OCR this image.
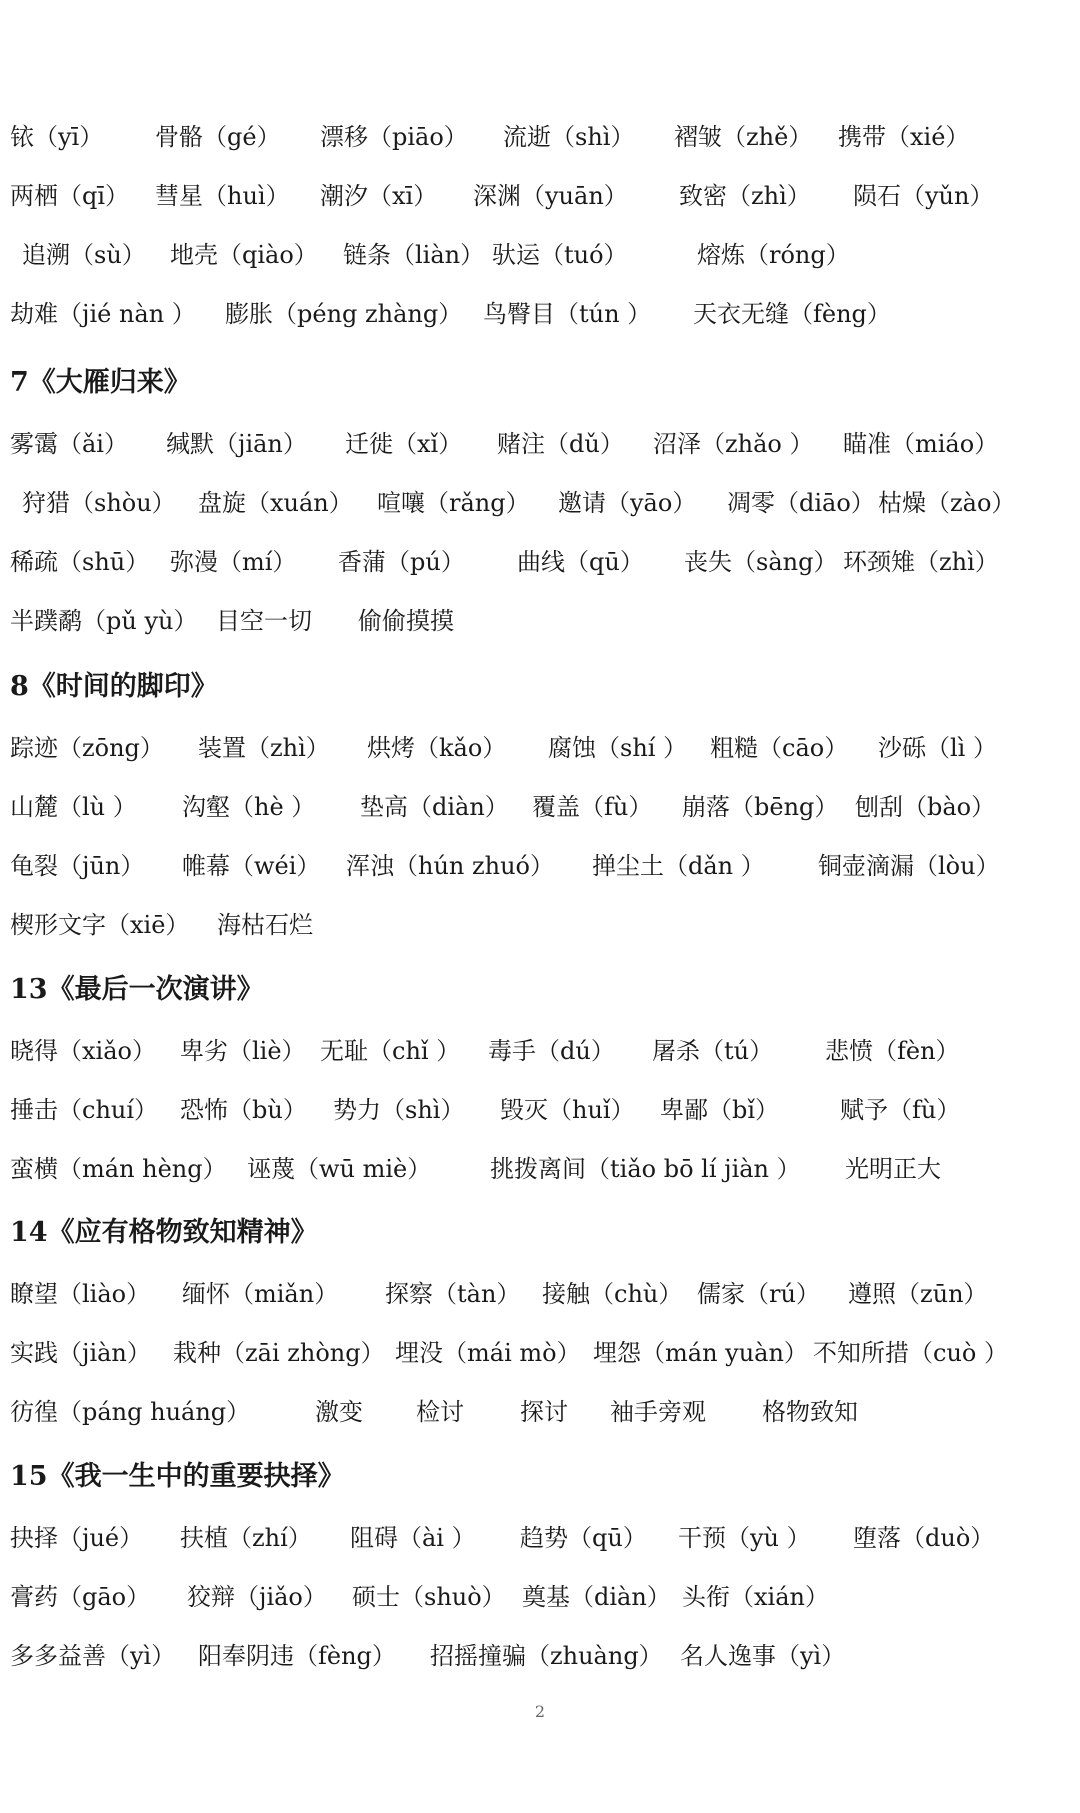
铱（yī） 骨骼（gé） 漂移（piāo） 流逝（shì） 褶皱（zhě） 携带（xié）
两栖（qī） 彗星（huì） 潮汐（xī） 深渊（yuān） 致密（zhì） 陨石（yǔn）
追溯（sù） 地壳（qiào） 链条（liàn） 驮运（tuó）	熔炼（róng）
劫难（jié nàn ） 膨胀（péng zhàng） 鸟臀目（tún ） 天衣无缝（fèng）
7《大雁归来》
雾霭（ǎi） 缄默（jiān） 迁徙（xǐ） 赌注（dǔ） 沼泽（zhǎo ） 瞄准（miáo）
狩猎（shòu） 盘旋（xuán） 喧嚷（rǎng） 邀请（yāo） 凋零（diāo） 枯燥（zào）
稀疏（shū） 弥漫（mí） 香蒲（pú） 曲线（qū） 丧失（sàng） 环颈雉（zhì）
半蹼鹬（pǔ yù） 目空一切 偷偷摸摸
8《时间的脚印》
踪迹（zōng） 装置（zhì） 烘烤（kǎo） 腐蚀（shí ） 粗糙（cāo） 沙砾（lì ）
山麓（lù ） 沟壑（hè ） 垫高（diàn） 覆盖（fù） 崩落（bēng） 刨刮（bào）
龟裂（jūn） 帷幕（wéi） 浑浊（hún zhuó） 掸尘土（dǎn ） 铜壶滴漏（lòu）
楔形文字（xiē） 海枯石烂
13《最后一次演讲》
晓得（xiǎo） 卑劣（liè） 无耻（chǐ ） 毒手（dú） 屠杀（tú） 悲愤（fèn）
捶击（chuí） 恐怖（bù） 势力（shì） 毁灭（huǐ） 卑鄙（bǐ）	赋予（fù）
蛮横（mán hèng） 诬蔑（wū miè） 挑拨离间（tiǎo bō lí jiàn ） 光明正大
14《应有格物致知精神》
瞭望（liào） 缅怀（miǎn） 探察（tàn） 接触（chù） 儒家（rú） 遵照（zūn）
实践（jiàn） 栽种（zāi zhòng） 埋没（mái mò） 埋怨（mán yuàn） 不知所措（cuò ）
彷徨（páng huáng）	激变 检讨 探讨 袖手旁观 格物致知
15《我一生中的重要抉择》
抉择（jué） 扶植（zhí） 阻碍（ài ） 趋势（qū） 干预（yù ） 堕落（duò）
膏药（gāo） 狡辩（jiǎo） 硕士（shuò） 奠基（diàn） 头衔（xián）
多多益善（yì） 阳奉阴违（fèng） 招摇撞骗（zhuàng） 名人逸事（yì）
2
